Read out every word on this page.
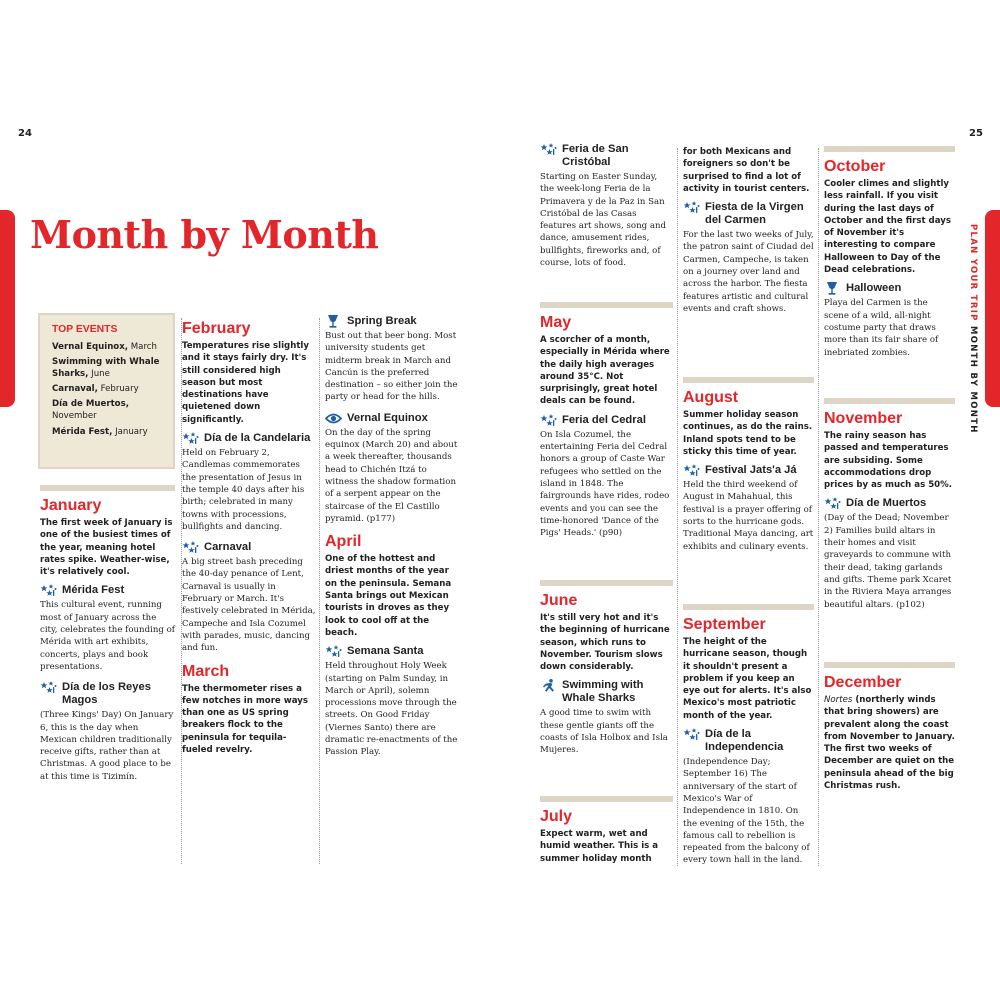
24	25
PLAN YOUR TRIP MONTH BY MONTH
Month by Month
TOP EVENTS
Vernal Equinox, March
Swimming with Whale Sharks, June
Carnaval, February
Día de Muertos, November
Mérida Fest, January
January

The first week of January is one of the busiest times of the year, meaning hotel rates spike. Weather-wise, it's relatively cool.

Mérida Fest

This cultural event, running most of January across the city, celebrates the founding of Mérida with art exhibits, concerts, plays and book presentations.

Día de los Reyes Magos

(Three Kings' Day) On January 6, this is the day when Mexican children traditionally receive gifts, rather than at Christmas. A good place to be at this time is Tizimín.

February

Temperatures rise slightly and it stays fairly dry. It's still considered high season but most destinations have quietened down significantly.

Día de la Candelaria

Held on February 2, Candlemas commemorates the presentation of Jesus in the temple 40 days after his birth; celebrated in many towns with processions, bullfights and dancing.

Carnaval

A big street bash preceding the 40-day penance of Lent, Carnaval is usually in February or March. It's festively celebrated in Mérida, Campeche and Isla Cozumel with parades, music, dancing and fun.

March

The thermometer rises a few notches in more ways than one as US spring breakers flock to the peninsula for tequila-fueled revelry.

Spring Break

Bust out that beer bong. Most university students get midterm break in March and Cancún is the preferred destination – so either join the party or head for the hills.

Vernal Equinox

On the day of the spring equinox (March 20) and about a week thereafter, thousands head to Chichén Itzá to witness the shadow formation of a serpent appear on the staircase of the El Castillo pyramid. (p177)

April

One of the hottest and driest months of the year on the peninsula. Semana Santa brings out Mexican tourists in droves as they look to cool off at the beach.

Semana Santa

Held throughout Holy Week (starting on Palm Sunday, in March or April), solemn processions move through the streets. On Good Friday (Viernes Santo) there are dramatic re-enactments of the Passion Play.

Feria de San Cristóbal

Starting on Easter Sunday, the week-long Feria de la Primavera y de la Paz in San Cristóbal de las Casas features art shows, song and dance, amusement rides, bullfights, fireworks and, of course, lots of food.

May

A scorcher of a month, especially in Mérida where the daily high averages around 35°C. Not surprisingly, great hotel deals can be found.

Feria del Cedral

On Isla Cozumel, the entertaining Feria del Cedral honors a group of Caste War refugees who settled on the island in 1848. The fairgrounds have rides, rodeo events and you can see the time-honored 'Dance of the Pigs' Heads.' (p90)

June

It's still very hot and it's the beginning of hurricane season, which runs to November. Tourism slows down considerably.

Swimming with Whale Sharks

A good time to swim with these gentle giants off the coasts of Isla Holbox and Isla Mujeres.

July

Expect warm, wet and humid weather. This is a summer holiday month

for both Mexicans and foreigners so don't be surprised to find a lot of activity in tourist centers.

Fiesta de la Virgen del Carmen

For the last two weeks of July, the patron saint of Ciudad del Carmen, Campeche, is taken on a journey over land and across the harbor. The fiesta features artistic and cultural events and craft shows.

August

Summer holiday season continues, as do the rains. Inland spots tend to be sticky this time of year.

Festival Jats'a Já

Held the third weekend of August in Mahahual, this festival is a prayer offering of sorts to the hurricane gods. Traditional Maya dancing, art exhibits and culinary events.

September

The height of the hurricane season, though it shouldn't present a problem if you keep an eye out for alerts. It's also Mexico's most patriotic month of the year.

Día de la Independencia

(Independence Day; September 16) The anniversary of the start of Mexico's War of Independence in 1810. On the evening of the 15th, the famous call to rebellion is repeated from the balcony of every town hall in the land.

October

Cooler climes and slightly less rainfall. If you visit during the last days of October and the first days of November it's interesting to compare Halloween to Day of the Dead celebrations.

Halloween

Playa del Carmen is the scene of a wild, all-night costume party that draws more than its fair share of inebriated zombies.

November

The rainy season has passed and temperatures are subsiding. Some accommodations drop prices by as much as 50%.

Día de Muertos

(Day of the Dead; November 2) Families build altars in their homes and visit graveyards to commune with their dead, taking garlands and gifts. Theme park Xcaret in the Riviera Maya arranges beautiful altars. (p102)

December

Nortes (northerly winds that bring showers) are prevalent along the coast from November to January. The first two weeks of December are quiet on the peninsula ahead of the big Christmas rush.
